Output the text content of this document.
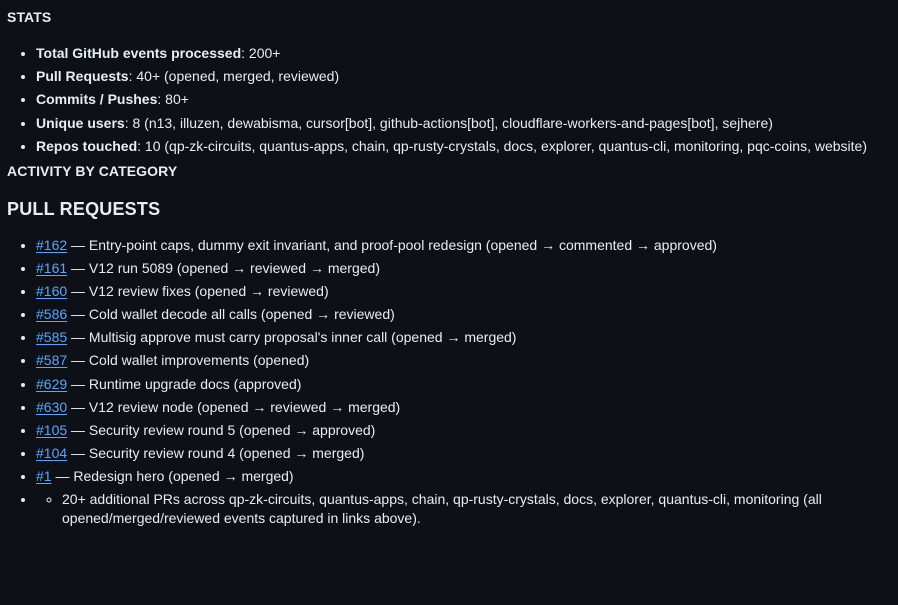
STATS
• Total GitHub events processed: 200+
• Pull Requests: 40+ (opened, merged, reviewed)
• Commits / Pushes: 80+
• Unique users: 8 (n13, illuzen, dewabisma, cursor[bot], github-actions[bot], cloudflare-workers-and-pages[bot], sejhere)
• Repos touched: 10 (qp-zk-circuits, quantus-apps, chain, qp-rusty-crystals, docs, explorer, quantus-cli, monitoring, pqc-coins, website)
ACTIVITY BY CATEGORY
PULL REQUESTS
• #162 — Entry-point caps, dummy exit invariant, and proof-pool redesign (opened → commented → approved)
• #161 — V12 run 5089 (opened → reviewed → merged)
• #160 — V12 review fixes (opened → reviewed)
• #586 — Cold wallet decode all calls (opened → reviewed)
• #585 — Multisig approve must carry proposal's inner call (opened → merged)
• #587 — Cold wallet improvements (opened)
• #629 — Runtime upgrade docs (approved)
• #630 — V12 review node (opened → reviewed → merged)
• #105 — Security review round 5 (opened → approved)
• #104 — Security review round 4 (opened → merged)
• #1 — Redesign hero (opened → merged)
◦ • 20+ additional PRs across qp-zk-circuits, quantus-apps, chain, qp-rusty-crystals, docs, explorer, quantus-cli, monitoring (all opened/merged/reviewed events captured in links above).
